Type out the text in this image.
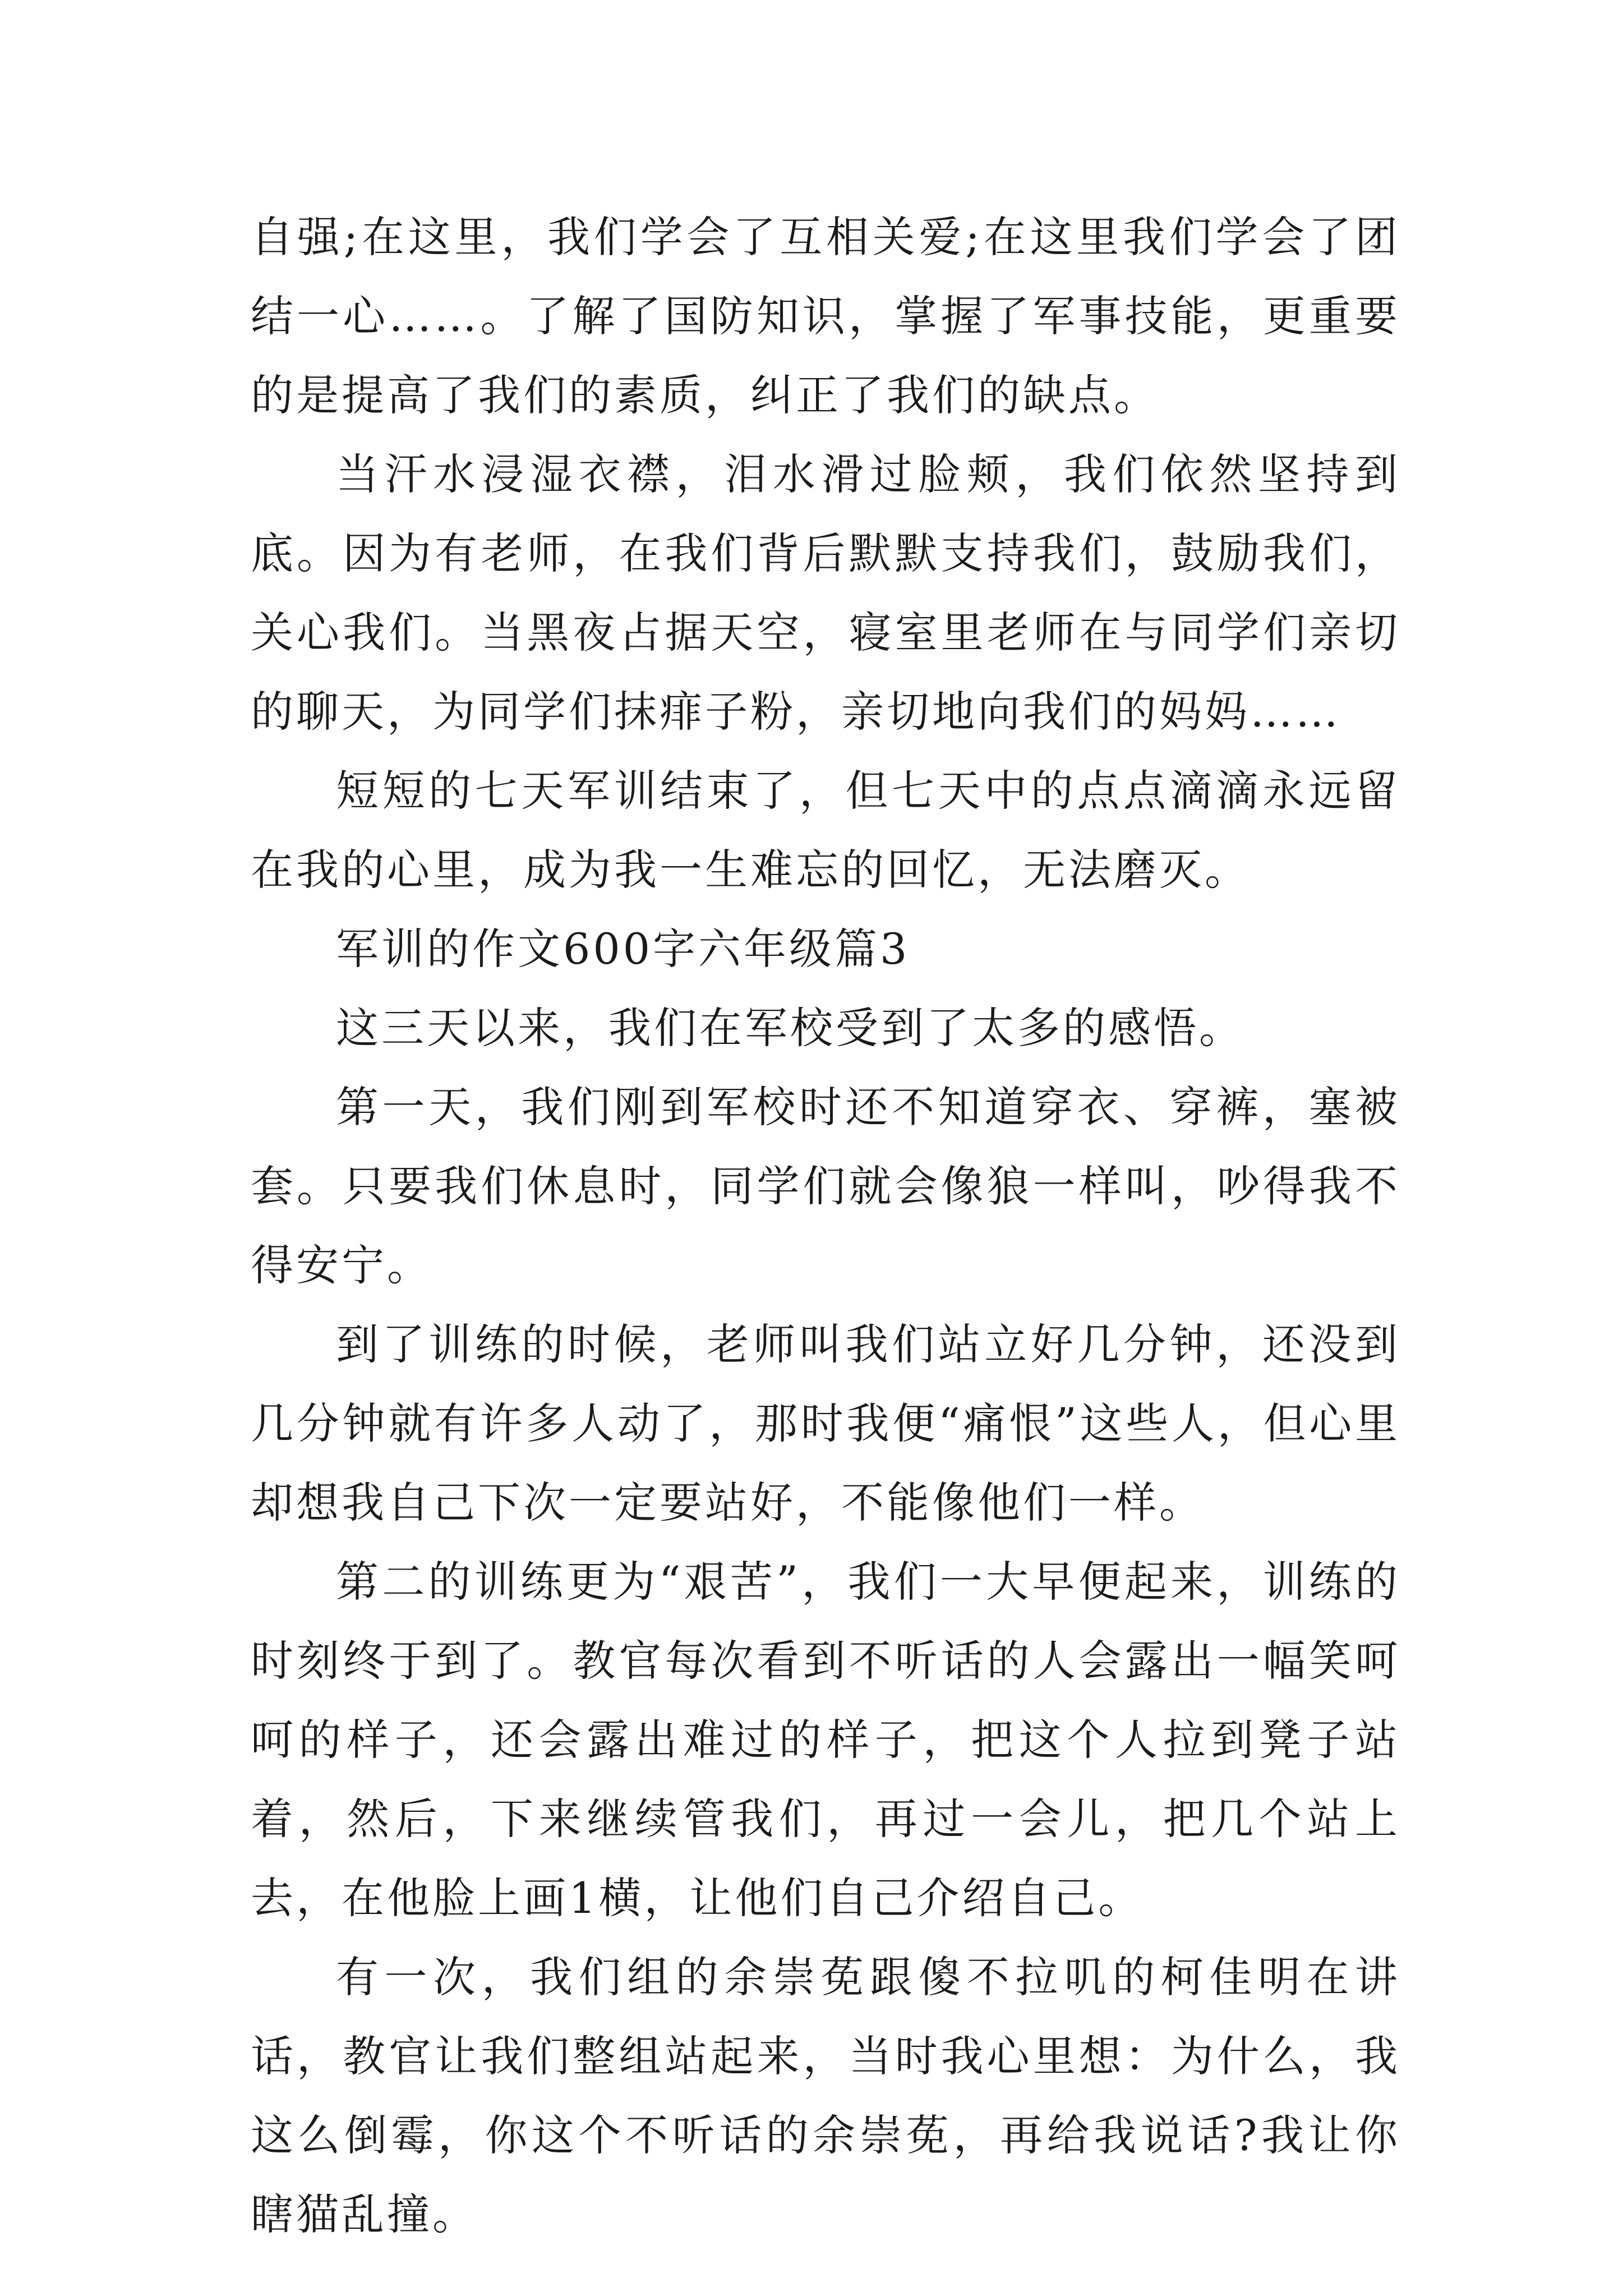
自强;在这里，我们学会了互相关爱;在这里我们学会了团结一心……。了解了国防知识，掌握了军事技能，更重要的是提高了我们的素质，纠正了我们的缺点。

当汗水浸湿衣襟，泪水滑过脸颊，我们依然坚持到底。因为有老师，在我们背后默默支持我们，鼓励我们，关心我们。当黑夜占据天空，寝室里老师在与同学们亲切的聊天，为同学们抹痱子粉，亲切地向我们的妈妈……

短短的七天军训结束了，但七天中的点点滴滴永远留在我的心里，成为我一生难忘的回忆，无法磨灭。

军训的作文600字六年级篇3

这三天以来，我们在军校受到了太多的感悟。

第一天，我们刚到军校时还不知道穿衣、穿裤，塞被套。只要我们休息时，同学们就会像狼一样叫，吵得我不得安宁。

到了训练的时候，老师叫我们站立好几分钟，还没到几分钟就有许多人动了，那时我便“痛恨”这些人，但心里却想我自己下次一定要站好，不能像他们一样。

第二的训练更为“艰苦”，我们一大早便起来，训练的时刻终于到了。教官每次看到不听话的人会露出一幅笑呵呵的样子，还会露出难过的样子，把这个人拉到凳子站着，然后，下来继续管我们，再过一会儿，把几个站上去，在他脸上画1横，让他们自己介绍自己。

有一次，我们组的余崇莬跟傻不拉叽的柯佳明在讲话，教官让我们整组站起来，当时我心里想：为什么，我这么倒霉，你这个不听话的余崇莬，再给我说话?我让你瞎猫乱撞。
